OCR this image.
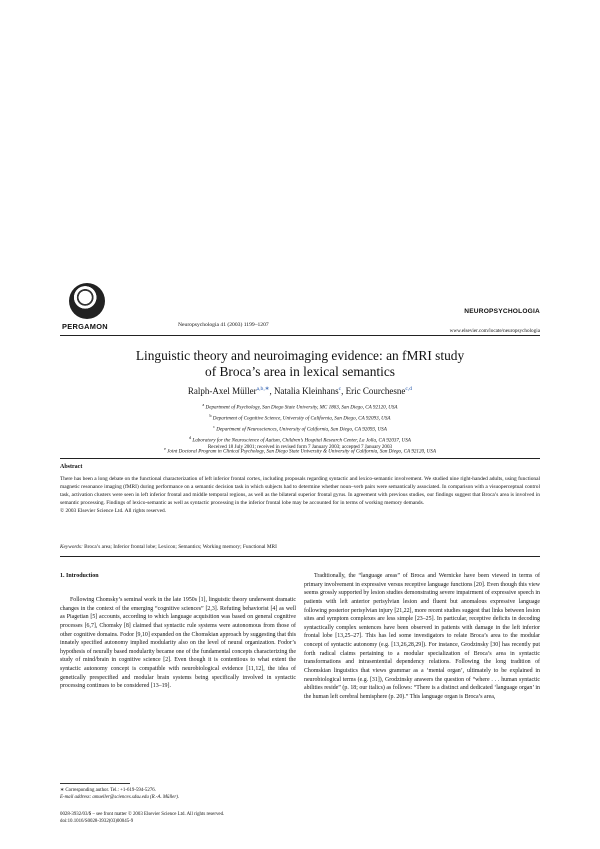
PERGAMON	Neuropsychologia 41 (2003) 1199–1207
NEUROPSYCHOLOGIA
www.elsevier.com/locate/neuropsychologia
Linguistic theory and neuroimaging evidence: an fMRI study
of Broca’s area in lexical semantics
Ralph-Axel Müller$^{a,b,∗}$, Natalia Kleinhans$^c$, Eric Courchesne$^{c,d}$
$^a$ Department of Psychology, San Diego State University, MC 1863, San Diego, CA 92120, USA
$^b$ Department of Cognitive Science, University of California, San Diego, CA 92093, USA
$^c$ Department of Neurosciences, University of California, San Diego, CA 92093, USA
$^d$ Laboratory for the Neuroscience of Autism, Children’s Hospital Research Center, La Jolla, CA 92037, USA
$^e$ Joint Doctoral Program in Clinical Psychology, San Diego State University & University of California, San Diego, CA 92120, USA
Received 18 July 2001; received in revised form 7 January 2003; accepted 7 January 2003
Abstract

There has been a long debate on the functional characterization of left inferior frontal cortex, including proposals regarding syntactic and lexico-semantic involvement. We studied nine right-handed adults, using functional magnetic resonance imaging (fMRI) during performance on a semantic decision task in which subjects had to determine whether noun–verb pairs were semantically associated. In comparison with a visuoperceptual control task, activation clusters were seen in left inferior frontal and middle temporal regions, as well as the bilateral superior frontal gyrus. In agreement with previous studies, our findings suggest that Broca’s area is involved in semantic processing. Findings of lexico-semantic as well as syntactic processing in the inferior frontal lobe may be accounted for in terms of working memory demands.

© 2003 Elsevier Science Ltd. All rights reserved.

Keywords: Broca’s area; Inferior frontal lobe; Lexicon; Semantics; Working memory; Functional MRI
1. Introduction

Following Chomsky’s seminal work in the late 1950s [1], linguistic theory underwent dramatic changes in the context of the emerging “cognitive sciences” [2,3]. Refuting behaviorist [4] as well as Piagetian [5] accounts, according to which language acquisition was based on general cognitive processes [6,7], Chomsky [8] claimed that syntactic rule systems were autonomous from those of other cognitive domains. Fodor [9,10] expanded on the Chomskian approach by suggesting that this innately specified autonomy implied modularity also on the level of neural organization. Fodor’s hypothesis of neurally based modularity became one of the fundamental concepts characterizing the study of mind/brain in cognitive science [2]. Even though it is contentious to what extent the syntactic autonomy concept is compatible with neurobiological evidence [11,12], the idea of genetically prespecified and modular brain systems being specifically involved in syntactic processing continues to be considered [13–19].

Traditionally, the “language areas” of Broca and Wernicke have been viewed in terms of primary involvement in expressive versus receptive language functions [20]. Even though this view seems grossly supported by lesion studies demonstrating severe impairment of expressive speech in patients with left anterior perisylvian lesion and fluent but anomalous expressive language following posterior perisylvian injury [21,22], more recent studies suggest that links between lesion sites and symptom complexes are less simple [23–25]. In particular, receptive deficits in decoding syntactically complex sentences have been observed in patients with damage in the left inferior frontal lobe [13,25–27]. This has led some investigators to relate Broca’s area to the modular concept of syntactic autonomy (e.g. [13,26,28,29]). For instance, Grodzinsky [30] has recently put forth radical claims pertaining to a modular specialization of Broca’s area in syntactic transformations and intrasentential dependency relations. Following the long tradition of Chomskian linguistics that views grammar as a ‘mental organ’, ultimately to be explained in neurobiological terms (e.g. [31]), Grodzinsky answers the question of “where . . . human syntactic abilities reside” (p. 18; our italics) as follows: “There is a distinct and dedicated ‘language organ’ in the human left cerebral hemisphere (p. 20).” This language organ is Broca’s area,

∗ Corresponding author. Tel.: +1-619-594-5276.
E-mail address: amueller@sciences.sdsu.edu (R.-A. Müller).
0028-3932/03/$ – see front matter © 2003 Elsevier Science Ltd. All rights reserved.
doi:10.1016/S0028-3932(03)00045-9
